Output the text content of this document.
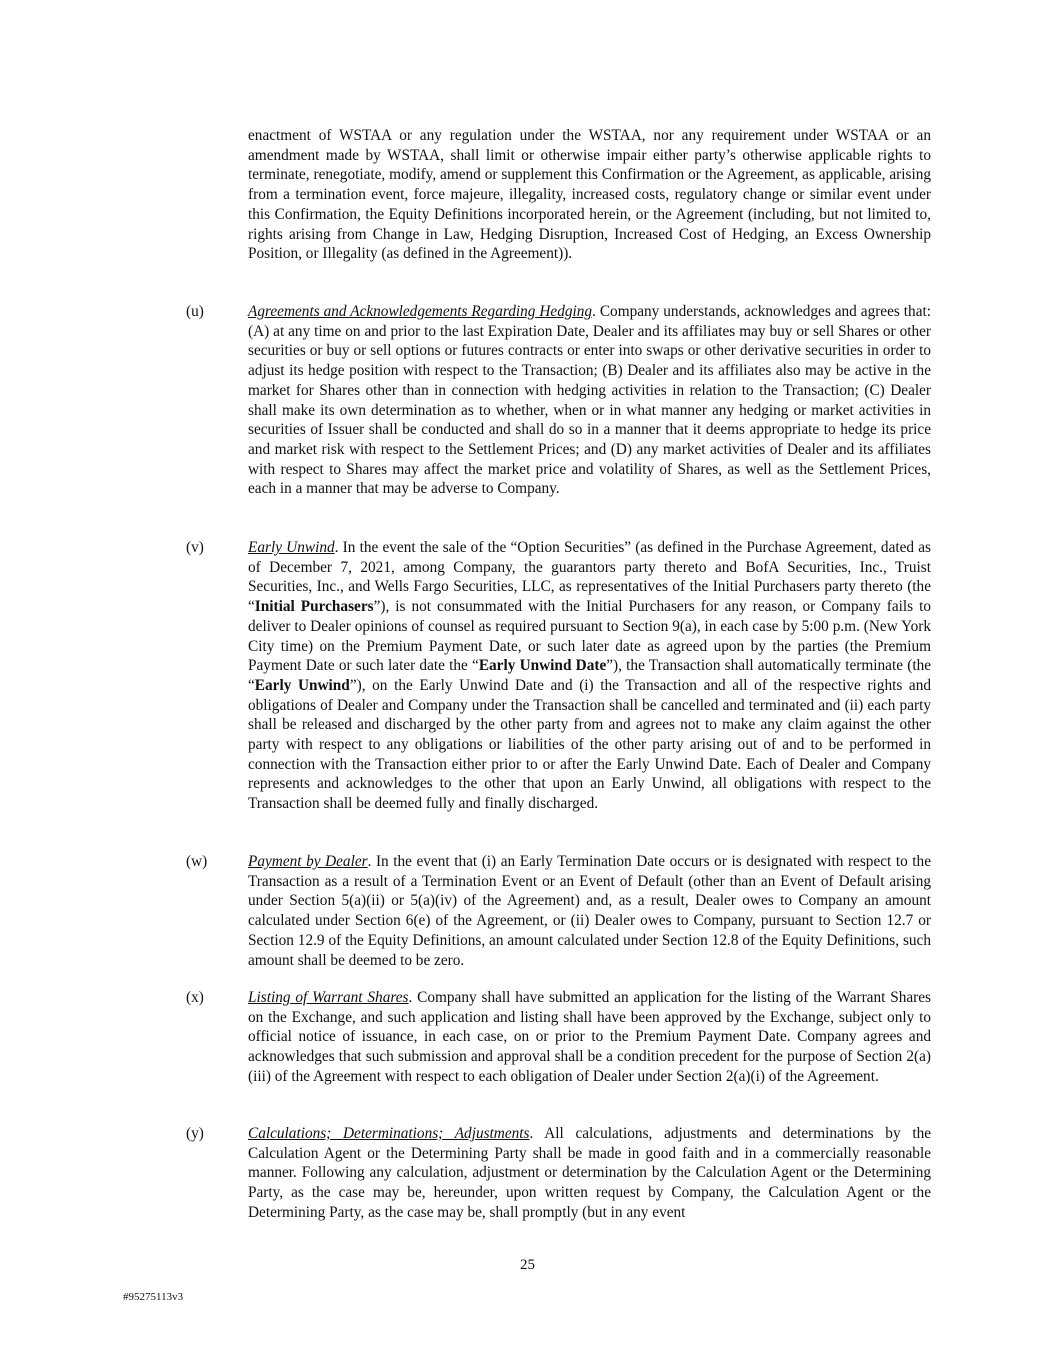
enactment of WSTAA or any regulation under the WSTAA, nor any requirement under WSTAA or an amendment made by WSTAA, shall limit or otherwise impair either party’s otherwise applicable rights to terminate, renegotiate, modify, amend or supplement this Confirmation or the Agreement, as applicable, arising from a termination event, force majeure, illegality, increased costs, regulatory change or similar event under this Confirmation, the Equity Definitions incorporated herein, or the Agreement (including, but not limited to, rights arising from Change in Law, Hedging Disruption, Increased Cost of Hedging, an Excess Ownership Position, or Illegality (as defined in the Agreement)).

(u)	Agreements and Acknowledgements Regarding Hedging. Company understands, acknowledges and agrees that: (A) at any time on and prior to the last Expiration Date, Dealer and its affiliates may buy or sell Shares or other securities or buy or sell options or futures contracts or enter into swaps or other derivative securities in order to adjust its hedge position with respect to the Transaction; (B) Dealer and its affiliates also may be active in the market for Shares other than in connection with hedging activities in relation to the Transaction; (C) Dealer shall make its own determination as to whether, when or in what manner any hedging or market activities in securities of Issuer shall be conducted and shall do so in a manner that it deems appropriate to hedge its price and market risk with respect to the Settlement Prices; and (D) any market activities of Dealer and its affiliates with respect to Shares may affect the market price and volatility of Shares, as well as the Settlement Prices, each in a manner that may be adverse to Company.

(v)	Early Unwind. In the event the sale of the “Option Securities” (as defined in the Purchase Agreement, dated as of December 7, 2021, among Company, the guarantors party thereto and BofA Securities, Inc., Truist Securities, Inc., and Wells Fargo Securities, LLC, as representatives of the Initial Purchasers party thereto (the “Initial Purchasers”), is not consummated with the Initial Purchasers for any reason, or Company fails to deliver to Dealer opinions of counsel as required pursuant to Section 9(a), in each case by 5:00 p.m. (New York City time) on the Premium Payment Date, or such later date as agreed upon by the parties (the Premium Payment Date or such later date the “Early Unwind Date”), the Transaction shall automatically terminate (the “Early Unwind”), on the Early Unwind Date and (i) the Transaction and all of the respective rights and obligations of Dealer and Company under the Transaction shall be cancelled and terminated and (ii) each party shall be released and discharged by the other party from and agrees not to make any claim against the other party with respect to any obligations or liabilities of the other party arising out of and to be performed in connection with the Transaction either prior to or after the Early Unwind Date. Each of Dealer and Company represents and acknowledges to the other that upon an Early Unwind, all obligations with respect to the Transaction shall be deemed fully and finally discharged.

(w)	Payment by Dealer. In the event that (i) an Early Termination Date occurs or is designated with respect to the Transaction as a result of a Termination Event or an Event of Default (other than an Event of Default arising under Section 5(a)(ii) or 5(a)(iv) of the Agreement) and, as a result, Dealer owes to Company an amount calculated under Section 6(e) of the Agreement, or (ii) Dealer owes to Company, pursuant to Section 12.7 or Section 12.9 of the Equity Definitions, an amount calculated under Section 12.8 of the Equity Definitions, such amount shall be deemed to be zero.

(x)	Listing of Warrant Shares. Company shall have submitted an application for the listing of the Warrant Shares on the Exchange, and such application and listing shall have been approved by the Exchange, subject only to official notice of issuance, in each case, on or prior to the Premium Payment Date. Company agrees and acknowledges that such submission and approval shall be a condition precedent for the purpose of Section 2(a)(iii) of the Agreement with respect to each obligation of Dealer under Section 2(a)(i) of the Agreement.

(y)	Calculations; Determinations; Adjustments. All calculations, adjustments and determinations by the Calculation Agent or the Determining Party shall be made in good faith and in a commercially reasonable manner. Following any calculation, adjustment or determination by the Calculation Agent or the Determining Party, as the case may be, hereunder, upon written request by Company, the Calculation Agent or the Determining Party, as the case may be, shall promptly (but in any event

25
#95275113v3
